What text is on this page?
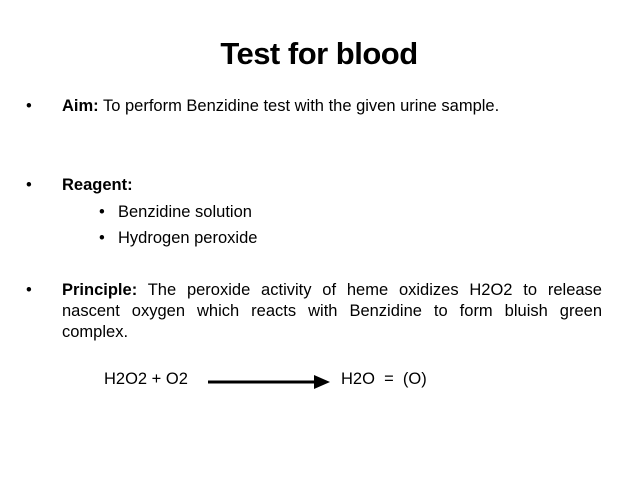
Test for blood
• Aim: To perform Benzidine test with the given urine sample.
• Reagent:
• Benzidine solution
• Hydrogen peroxide
• Principle: The peroxide activity of heme oxidizes H2O2 to release nascent oxygen which reacts with Benzidine to form bluish green complex.
H2O2 + O2	H2O  =  (O)
